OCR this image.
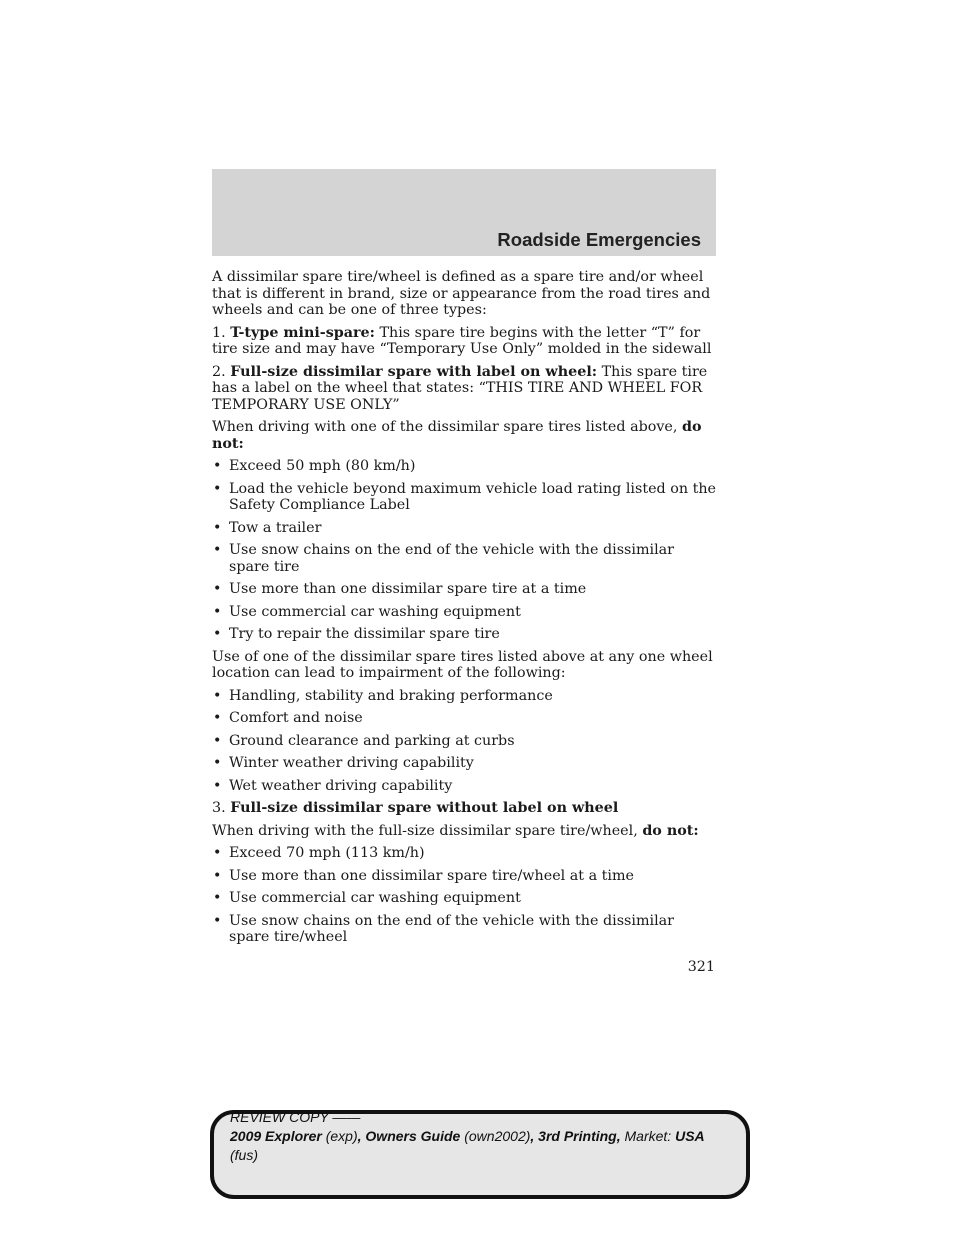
Roadside Emergencies

A dissimilar spare tire/wheel is defined as a spare tire and/or wheel that is different in brand, size or appearance from the road tires and wheels and can be one of three types:

1. T-type mini-spare: This spare tire begins with the letter “T” for tire size and may have “Temporary Use Only” molded in the sidewall

2. Full-size dissimilar spare with label on wheel: This spare tire has a label on the wheel that states: “THIS TIRE AND WHEEL FOR TEMPORARY USE ONLY”

When driving with one of the dissimilar spare tires listed above, do not:

• Exceed 50 mph (80 km/h)
• Load the vehicle beyond maximum vehicle load rating listed on the Safety Compliance Label
• Tow a trailer
• Use snow chains on the end of the vehicle with the dissimilar spare tire
• Use more than one dissimilar spare tire at a time
• Use commercial car washing equipment
• Try to repair the dissimilar spare tire

Use of one of the dissimilar spare tires listed above at any one wheel location can lead to impairment of the following:

• Handling, stability and braking performance
• Comfort and noise
• Ground clearance and parking at curbs
• Winter weather driving capability
• Wet weather driving capability

3. Full-size dissimilar spare without label on wheel

When driving with the full-size dissimilar spare tire/wheel, do not:

• Exceed 70 mph (113 km/h)
• Use more than one dissimilar spare tire/wheel at a time
• Use commercial car washing equipment
• Use snow chains on the end of the vehicle with the dissimilar spare tire/wheel
321
REVIEW COPY ——
2009 Explorer (exp), Owners Guide (own2002), 3rd Printing, Market: USA
(fus)
